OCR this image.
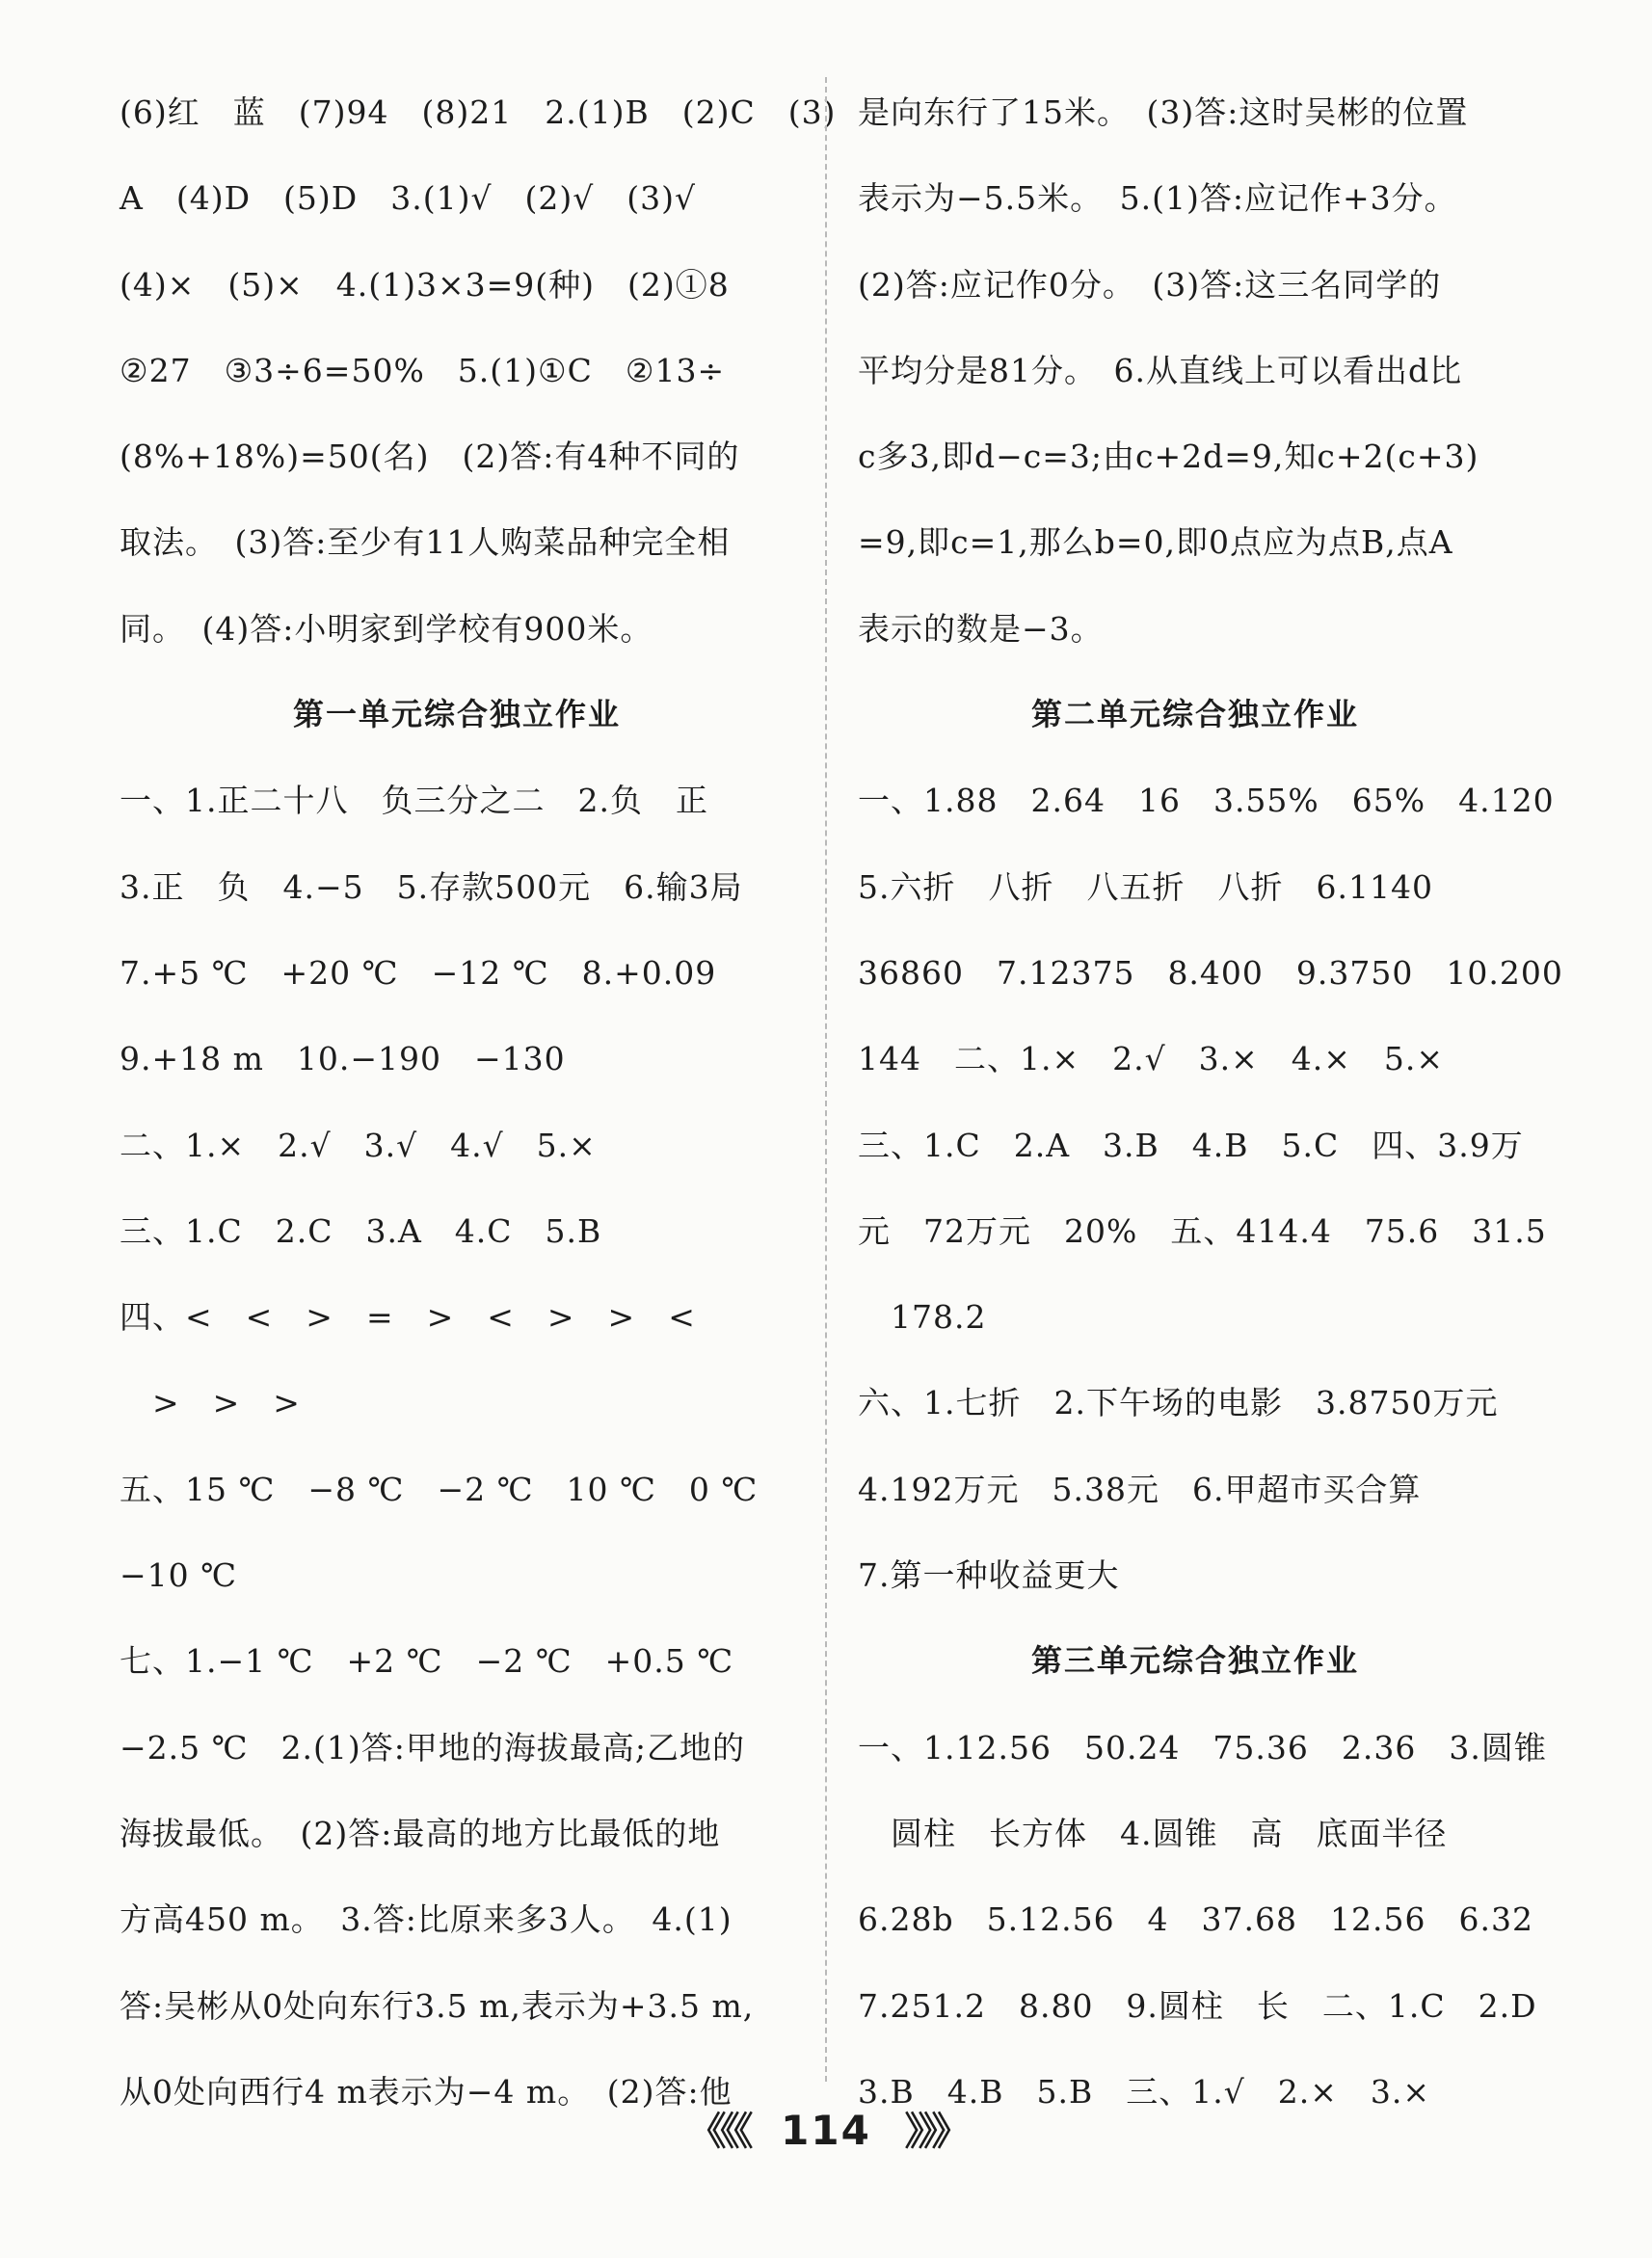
(6)红　蓝　(7)94　(8)21　2.(1)B　(2)C　(3)
A　(4)D　(5)D　3.(1)√　(2)√　(3)√
(4)×　(5)×　4.(1)3×3=9(种)　(2)①8
②27　③3÷6=50%　5.(1)①C　②13÷
(8%+18%)=50(名)　(2)答:有4种不同的
取法。　(3)答:至少有11人购菜品种完全相
同。　(4)答:小明家到学校有900米。
第一单元综合独立作业
一、1.正二十八　负三分之二　2.负　正
3.正　负　4.−5　5.存款500元　6.输3局
7.+5 ℃　+20 ℃　−12 ℃　8.+0.09
9.+18 m　10.−190　−130
二、1.×　2.√　3.√　4.√　5.×
三、1.C　2.C　3.A　4.C　5.B
四、<　<　>　=　>　<　>　>　<
　>　>　>
五、15 ℃　−8 ℃　−2 ℃　10 ℃　0 ℃
−10 ℃
七、1.−1 ℃　+2 ℃　−2 ℃　+0.5 ℃
−2.5 ℃　2.(1)答:甲地的海拔最高;乙地的
海拔最低。　(2)答:最高的地方比最低的地
方高450 m。　3.答:比原来多3人。　4.(1)
答:吴彬从0处向东行3.5 m,表示为+3.5 m,
从0处向西行4 m表示为−4 m。　(2)答:他
是向东行了15米。　(3)答:这时吴彬的位置
表示为−5.5米。　5.(1)答:应记作+3分。
(2)答:应记作0分。　(3)答:这三名同学的
平均分是81分。　6.从直线上可以看出d比
c多3,即d−c=3;由c+2d=9,知c+2(c+3)
=9,即c=1,那么b=0,即0点应为点B,点A
表示的数是−3。
第二单元综合独立作业
一、1.88　2.64　16　3.55%　65%　4.120
5.六折　八折　八五折　八折　6.1140
36860　7.12375　8.400　9.3750　10.200
144　二、1.×　2.√　3.×　4.×　5.×
三、1.C　2.A　3.B　4.B　5.C　四、3.9万
元　72万元　20%　五、414.4　75.6　31.5
　178.2
六、1.七折　2.下午场的电影　3.8750万元
4.192万元　5.38元　6.甲超市买合算
7.第一种收益更大
第三单元综合独立作业
一、1.12.56　50.24　75.36　2.36　3.圆锥
　圆柱　长方体　4.圆锥　高　底面半径
6.28b　5.12.56　4　37.68　12.56　6.32
7.251.2　8.80　9.圆柱　长　二、1.C　2.D
3.B　4.B　5.B　三、1.√　2.×　3.×
《《《 114 》》》
